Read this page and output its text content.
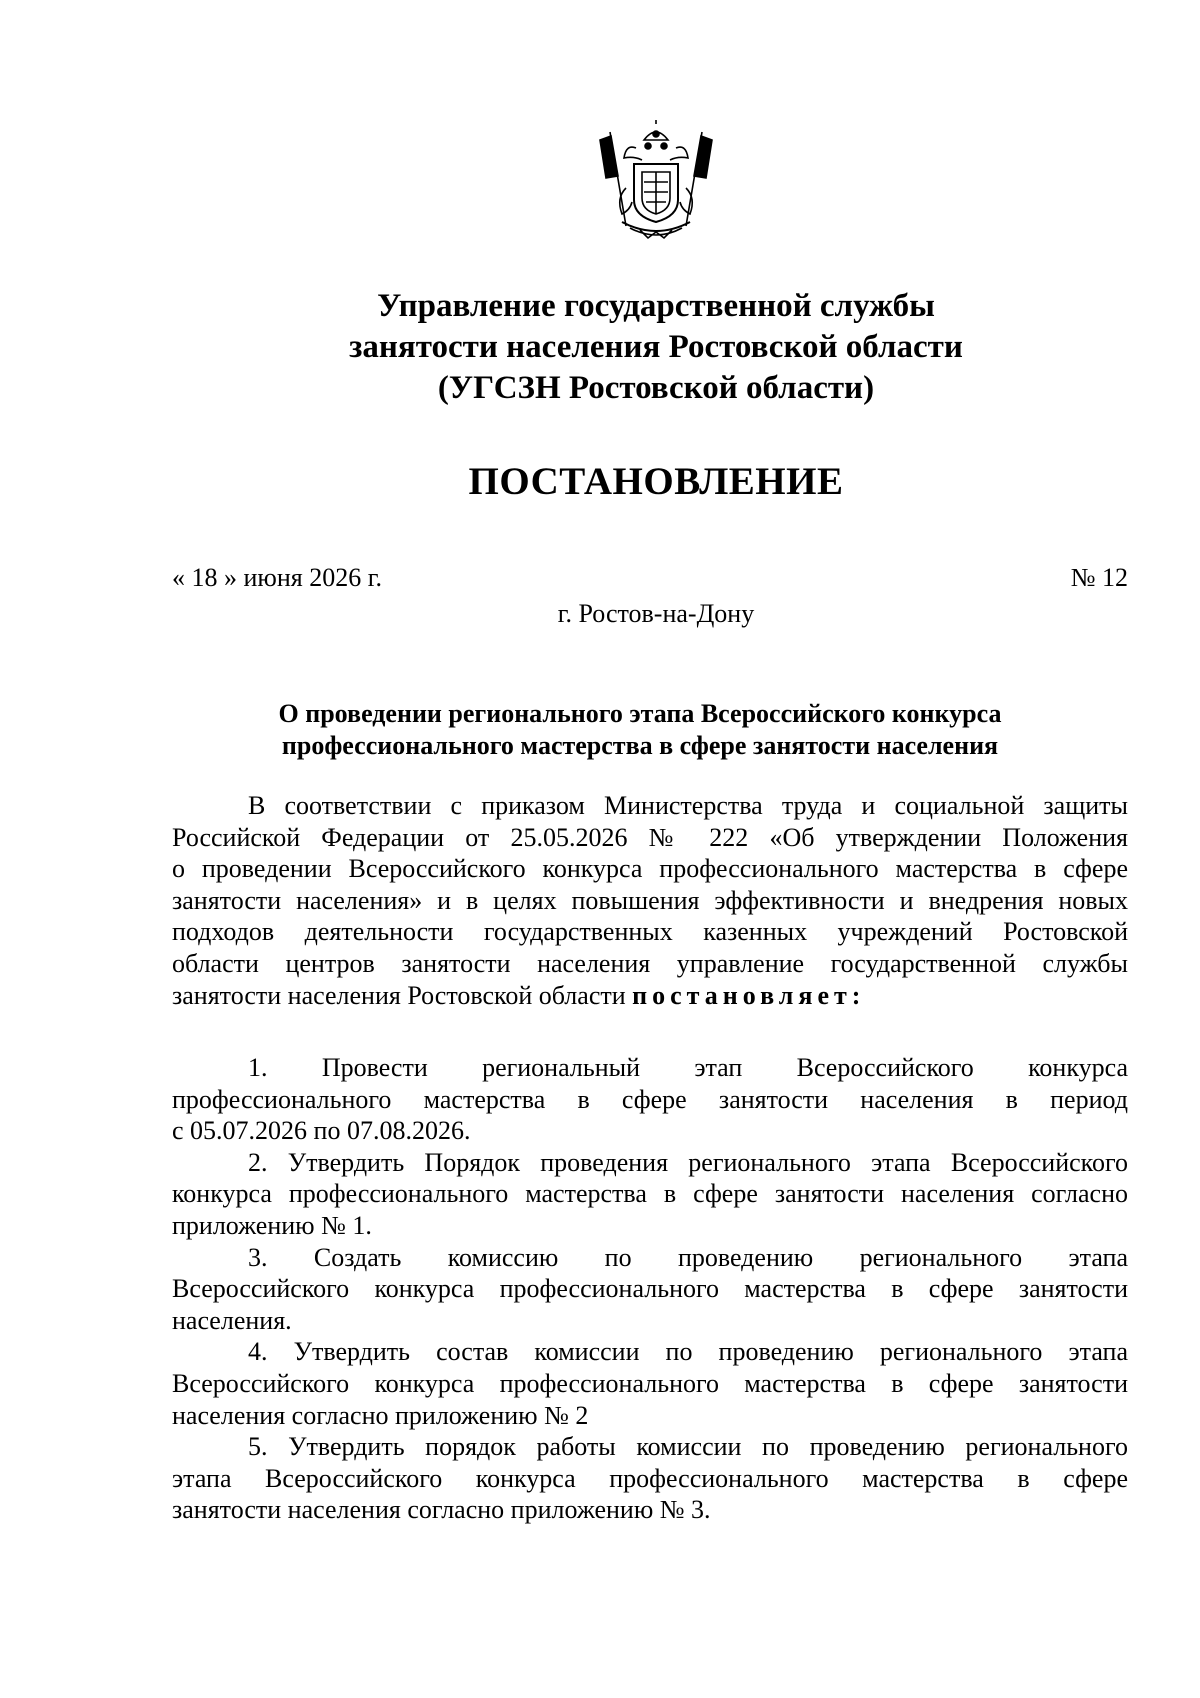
Управление государственной службы
занятости населения Ростовской области
(УГСЗН Ростовской области)
ПОСТАНОВЛЕНИЕ
« 18 » июня 2026 г.	№ 12
г. Ростов-на-Дону
О проведении регионального этапа Всероссийского конкурса
профессионального мастерства в сфере занятости населения
В соответствии с приказом Министерства труда и социальной защиты
Российской Федерации от 25.05.2026 № 222 «Об утверждении Положения
о проведении Всероссийского конкурса профессионального мастерства в сфере
занятости населения» и в целях повышения эффективности и внедрения новых
подходов деятельности государственных казенных учреждений Ростовской
области центров занятости населения управление государственной службы
занятости населения Ростовской области постановляет:
1. Провести региональный этап Всероссийского конкурса
профессионального мастерства в сфере занятости населения в период
с 05.07.2026 по 07.08.2026.
2. Утвердить Порядок проведения регионального этапа Всероссийского
конкурса профессионального мастерства в сфере занятости населения согласно
приложению № 1.
3. Создать комиссию по проведению регионального этапа
Всероссийского конкурса профессионального мастерства в сфере занятости
населения.
4. Утвердить состав комиссии по проведению регионального этапа
Всероссийского конкурса профессионального мастерства в сфере занятости
населения согласно приложению № 2
5. Утвердить порядок работы комиссии по проведению регионального
этапа Всероссийского конкурса профессионального мастерства в сфере
занятости населения согласно приложению № 3.
